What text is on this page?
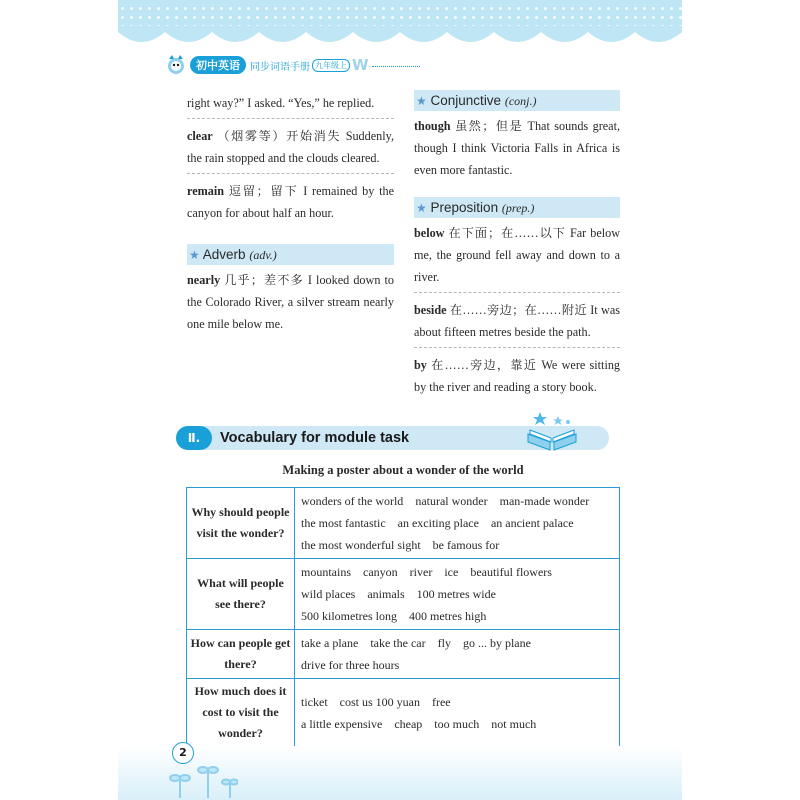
初中英语	同步词语手册 九年级上 W
right way?” I asked. “Yes,” he replied.
clear （烟雾等）开始消失 Suddenly, the rain stopped and the clouds cleared.
remain 逗留；留下 I remained by the canyon for about half an hour.
★ Adverb (adv.)
nearly 几乎；差不多 I looked down to the Colorado River, a silver stream nearly one mile below me.
★ Conjunctive (conj.)
though 虽然；但是 That sounds great, though I think Victoria Falls in Africa is even more fantastic.
★ Preposition (prep.)
below 在下面；在……以下 Far below me, the ground fell away and down to a river.
beside 在……旁边；在……附近 It was about fifteen metres beside the path.
by 在……旁边，靠近 We were sitting by the river and reading a story book.
Ⅱ.	Vocabulary for module task
Making a poster about a wonder of the world
Why should people visit the wonder?	wonders of the world natural wonder man-made wonder
the most fantastic an exciting place an ancient palace
the most wonderful sight be famous for

What will people see there?	mountains canyon river ice beautiful flowers
wild places animals 100 metres wide
500 kilometres long 400 metres high

How can people get there?	take a plane take the car fly go ... by plane
drive for three hours

How much does it cost to visit the wonder?	ticket cost us 100 yuan free
a little expensive cheap too much not much
2
